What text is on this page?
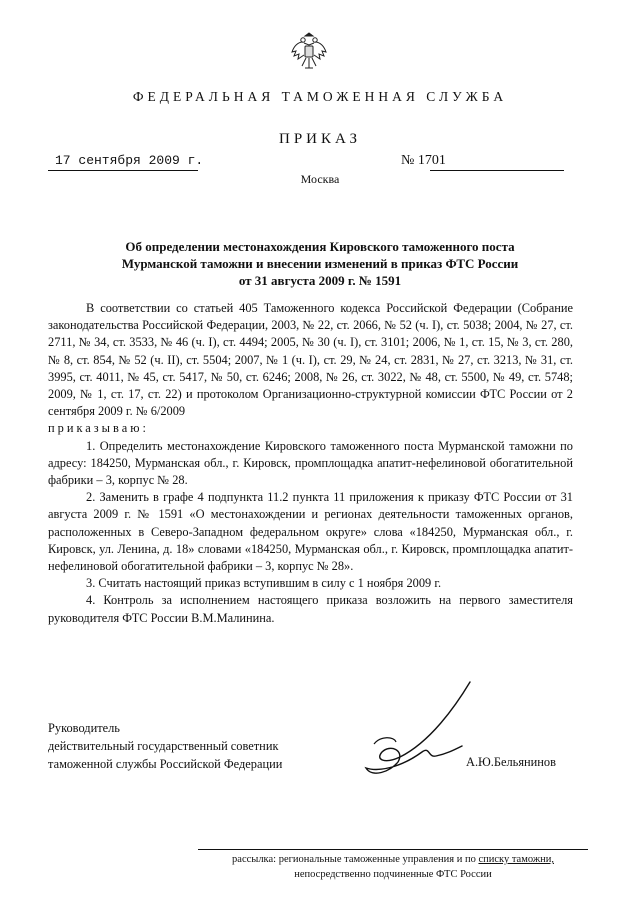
ФЕДЕРАЛЬНАЯ ТАМОЖЕННАЯ СЛУЖБА
ПРИКАЗ
17 сентября 2009 г.	№ 1701
Москва
Об определении местонахождения Кировского таможенного поста
Мурманской таможни и внесении изменений в приказ ФТС России
от 31 августа 2009 г. № 1591

В соответствии со статьей 405 Таможенного кодекса Российской Федерации (Собрание законодательства Российской Федерации, 2003, № 22, ст. 2066, № 52 (ч. I), ст. 5038; 2004, № 27, ст. 2711, № 34, ст. 3533, № 46 (ч. I), ст. 4494; 2005, № 30 (ч. I), ст. 3101; 2006, № 1, ст. 15, № 3, ст. 280, № 8, ст. 854, № 52 (ч. II), ст. 5504; 2007, № 1 (ч. I), ст. 29, № 24, ст. 2831, № 27, ст. 3213, № 31, ст. 3995, ст. 4011, № 45, ст. 5417, № 50, ст. 6246; 2008, № 26, ст. 3022, № 48, ст. 5500, № 49, ст. 5748; 2009, № 1, ст. 17, ст. 22) и протоколом Организационно-структурной комиссии ФТС России от 2 сентября 2009 г. № 6/2009

приказываю:

1. Определить местонахождение Кировского таможенного поста Мурманской таможни по адресу: 184250, Мурманская обл., г. Кировск, промплощадка апатит-нефелиновой обогатительной фабрики – 3, корпус № 28.

2. Заменить в графе 4 подпункта 11.2 пункта 11 приложения к приказу ФТС России от 31 августа 2009 г. № 1591 «О местонахождении и регионах деятельности таможенных органов, расположенных в Северо-Западном федеральном округе» слова «184250, Мурманская обл., г. Кировск, ул. Ленина, д. 18» словами «184250, Мурманская обл., г. Кировск, промплощадка апатит-нефелиновой обогатительной фабрики – 3, корпус № 28».

3. Считать настоящий приказ вступившим в силу с 1 ноября 2009 г.

4. Контроль за исполнением настоящего приказа возложить на первого заместителя руководителя ФТС России В.М.Малинина.

Руководитель
действительный государственный советник
таможенной службы Российской Федерации	А.Ю.Бельянинов
рассылка: региональные таможенные управления и по списку таможни,
непосредственно подчиненные ФТС России
